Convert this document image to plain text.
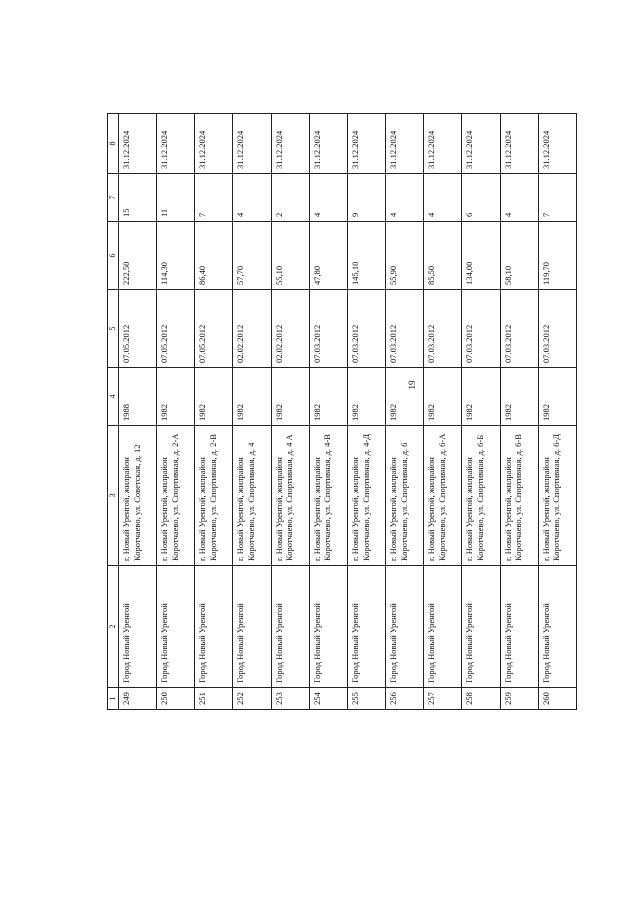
19
1	2	3	4	5	6	7	8
249	Город Новый Уренгой	г. Новый Уренгой, жилрайон Коротчаево, ул. Советская, д. 12	1988	07.05.2012	222,50	15	31.12.2024
250	Город Новый Уренгой	г. Новый Уренгой, жилрайон Коротчаево, ул. Спортивная, д. 2-А	1982	07.05.2012	114,30	11	31.12.2024
251	Город Новый Уренгой	г. Новый Уренгой, жилрайон Коротчаево, ул. Спортивная, д. 2-В	1982	07.05.2012	86,40	7	31.12.2024
252	Город Новый Уренгой	г. Новый Уренгой, жилрайон Коротчаево, ул. Спортивная, д. 4	1982	02.02.2012	57,70	4	31.12.2024
253	Город Новый Уренгой	г. Новый Уренгой, жилрайон Коротчаево, ул. Спортивная, д. 4 А	1982	02.02.2012	55,10	2	31.12.2024
254	Город Новый Уренгой	г. Новый Уренгой, жилрайон Коротчаево, ул. Спортивная, д. 4-В	1982	07.03.2012	47,80	4	31.12.2024
255	Город Новый Уренгой	г. Новый Уренгой, жилрайон Коротчаево, ул. Спортивная, д. 4-Д	1982	07.03.2012	145,10	9	31.12.2024
256	Город Новый Уренгой	г. Новый Уренгой, жилрайон Коротчаево, ул. Спортивная, д. 6	1982	07.03.2012	55,90	4	31.12.2024
257	Город Новый Уренгой	г. Новый Уренгой, жилрайон Коротчаево, ул. Спортивная, д. 6-А	1982	07.03.2012	85,50	4	31.12.2024
258	Город Новый Уренгой	г. Новый Уренгой, жилрайон Коротчаево, ул. Спортивная, д. 6-Б	1982	07.03.2012	134,00	6	31.12.2024
259	Город Новый Уренгой	г. Новый Уренгой, жилрайон Коротчаево, ул. Спортивная, д. 6-В	1982	07.03.2012	58,10	4	31.12.2024
260	Город Новый Уренгой	г. Новый Уренгой, жилрайон Коротчаево, ул. Спортивная, д. 6-Д	1982	07.03.2012	119,70	7	31.12.2024
